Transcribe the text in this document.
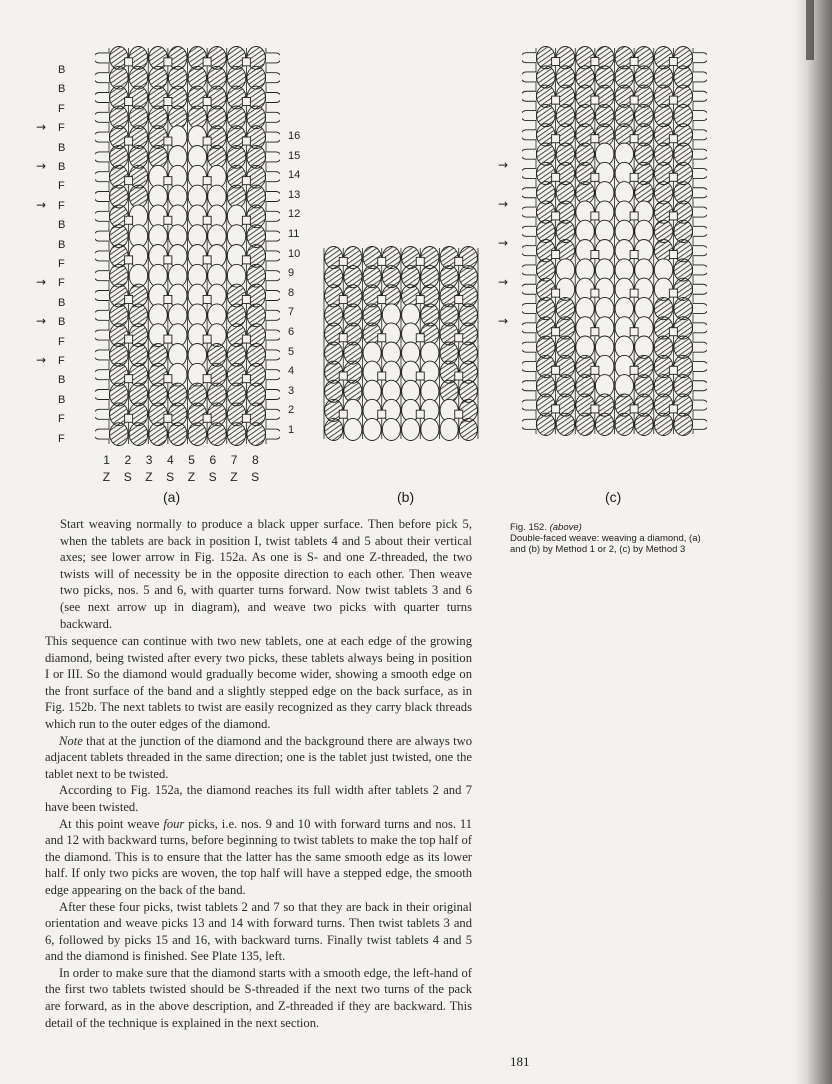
B
B
F
F
B
B
F
F
B
B
F
F
B
B
F
F
B
B
F
F
→
→
→
→
→
→
16
15
14
13
12
11
10
9
8
7
6
5
4
3
2
1
→
→
→
→
→
1 2 3 4 5 6 7 8
Z S Z S Z S Z S
(a)	(b)	(c)
Fig. 152. (above)
Double-faced weave: weaving a diamond, (a) and (b) by Method 1 or 2, (c) by Method 3

Start weaving normally to produce a black upper surface. Then before pick 5, when the tablets are back in position I, twist tablets 4 and 5 about their vertical axes; see lower arrow in Fig. 152a. As one is S- and one Z-threaded, the two twists will of necessity be in the opposite direction to each other. Then weave two picks, nos. 5 and 6, with quarter turns forward. Now twist tablets 3 and 6 (see next arrow up in diagram), and weave two picks with quarter turns backward.

This sequence can continue with two new tablets, one at each edge of the growing diamond, being twisted after every two picks, these tablets always being in position I or III. So the diamond would gradually become wider, showing a smooth edge on the front surface of the band and a slightly stepped edge on the back surface, as in Fig. 152b. The next tablets to twist are easily recognized as they carry black threads which run to the outer edges of the diamond.

Note that at the junction of the diamond and the background there are always two adjacent tablets threaded in the same direction; one is the tablet just twisted, one the tablet next to be twisted.

According to Fig. 152a, the diamond reaches its full width after tablets 2 and 7 have been twisted.

At this point weave four picks, i.e. nos. 9 and 10 with forward turns and nos. 11 and 12 with backward turns, before beginning to twist tablets to make the top half of the diamond. This is to ensure that the latter has the same smooth edge as its lower half. If only two picks are woven, the top half will have a stepped edge, the smooth edge appearing on the back of the band.

After these four picks, twist tablets 2 and 7 so that they are back in their original orientation and weave picks 13 and 14 with forward turns. Then twist tablets 3 and 6, followed by picks 15 and 16, with backward turns. Finally twist tablets 4 and 5 and the diamond is finished. See Plate 135, left.

In order to make sure that the diamond starts with a smooth edge, the left-hand of the first two tablets twisted should be S-threaded if the next two turns of the pack are forward, as in the above description, and Z-threaded if they are backward. This detail of the technique is explained in the next section.

181
